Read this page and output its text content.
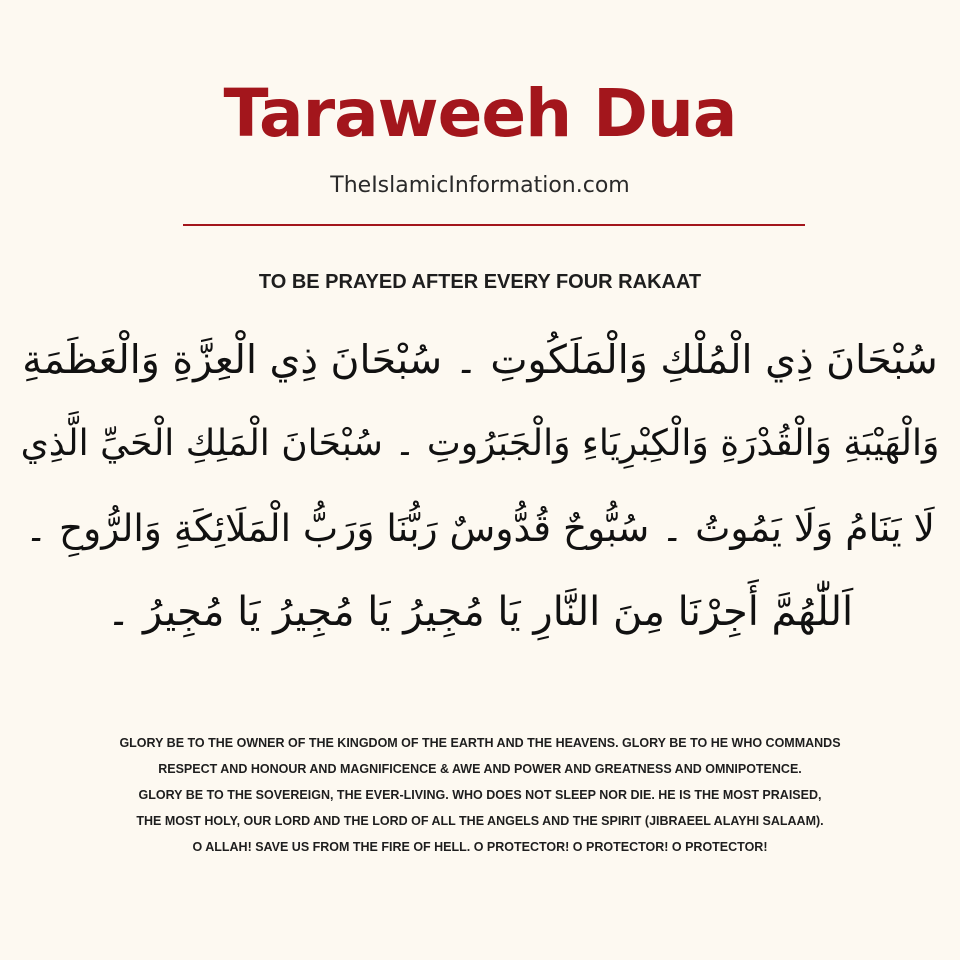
Taraweeh Dua
TheIslamicInformation.com
TO BE PRAYED AFTER EVERY FOUR RAKAAT
سُبْحَانَ ذِي الْمُلْكِ وَالْمَلَكُوتِ ۔ سُبْحَانَ ذِي الْعِزَّةِ وَالْعَظَمَةِ
وَالْهَيْبَةِ وَالْقُدْرَةِ وَالْكِبْرِيَاءِ وَالْجَبَرُوتِ ۔ سُبْحَانَ الْمَلِكِ الْحَيِّ الَّذِي
لَا يَنَامُ وَلَا يَمُوتُ ۔ سُبُّوحٌ قُدُّوسٌ رَبُّنَا وَرَبُّ الْمَلَائِكَةِ وَالرُّوحِ ۔
اَللّٰهُمَّ أَجِرْنَا مِنَ النَّارِ يَا مُجِيرُ يَا مُجِيرُ يَا مُجِيرُ ۔
GLORY BE TO THE OWNER OF THE KINGDOM OF THE EARTH AND THE HEAVENS. GLORY BE TO HE WHO COMMANDS
RESPECT AND HONOUR AND MAGNIFICENCE & AWE AND POWER AND GREATNESS AND OMNIPOTENCE.
GLORY BE TO THE SOVEREIGN, THE EVER-LIVING. WHO DOES NOT SLEEP NOR DIE. HE IS THE MOST PRAISED,
THE MOST HOLY, OUR LORD AND THE LORD OF ALL THE ANGELS AND THE SPIRIT (JIBRAEEL ALAYHI SALAAM).
O ALLAH! SAVE US FROM THE FIRE OF HELL. O PROTECTOR! O PROTECTOR! O PROTECTOR!
